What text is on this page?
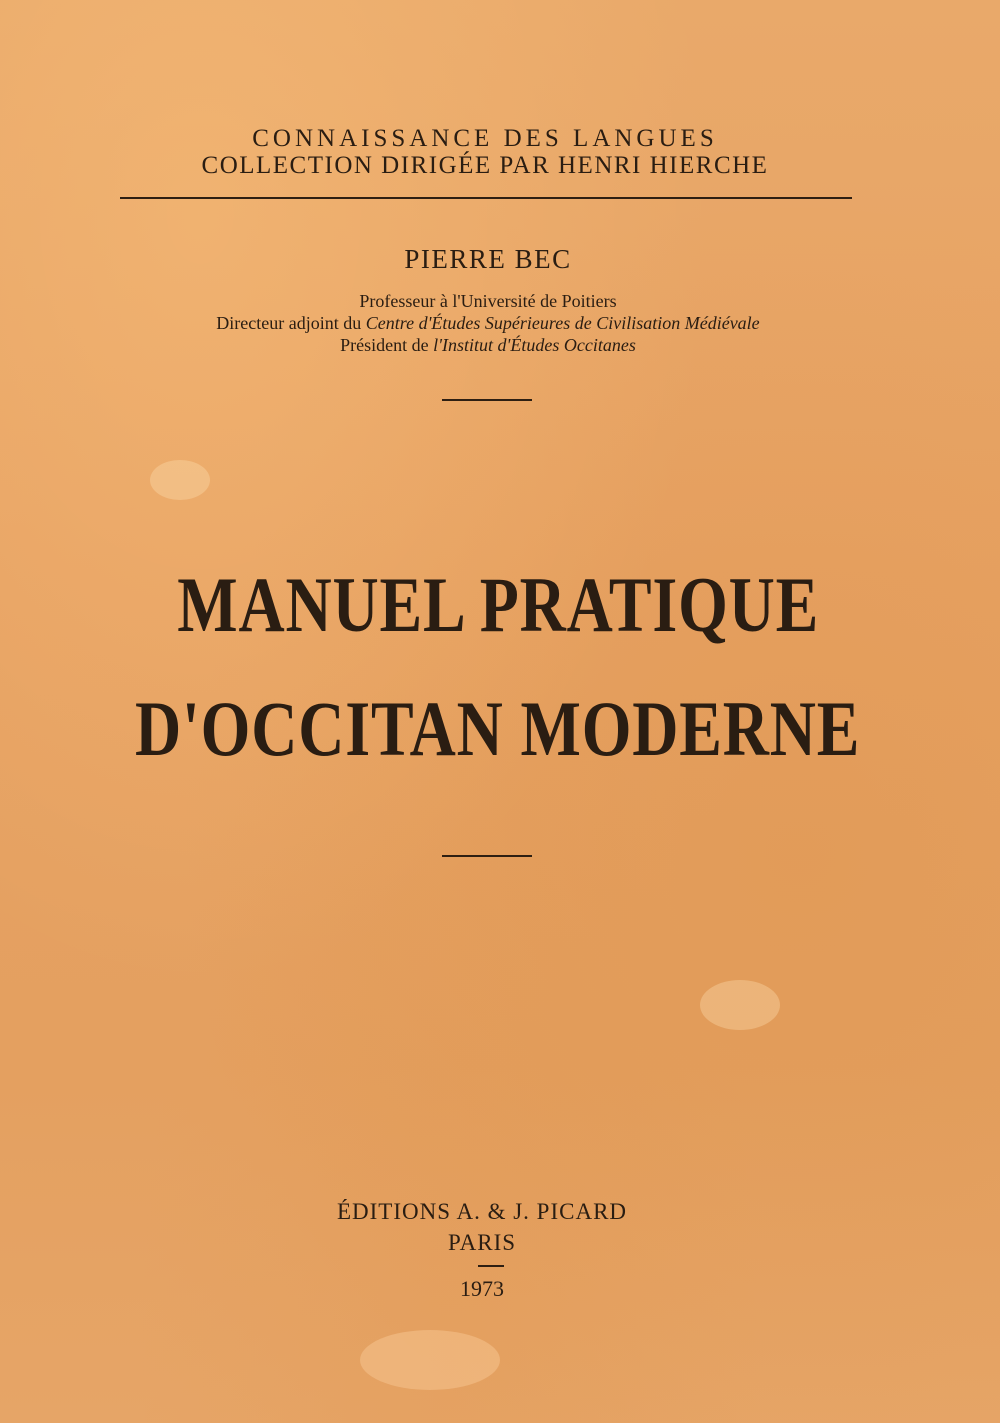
CONNAISSANCE DES LANGUES
COLLECTION DIRIGÉE PAR HENRI HIERCHE
PIERRE BEC
Professeur à l'Université de Poitiers
Directeur adjoint du Centre d'Études Supérieures de Civilisation Médiévale
Président de l'Institut d'Études Occitanes
MANUEL PRATIQUE
D'OCCITAN MODERNE
ÉDITIONS A. & J. PICARD
PARIS
1973
